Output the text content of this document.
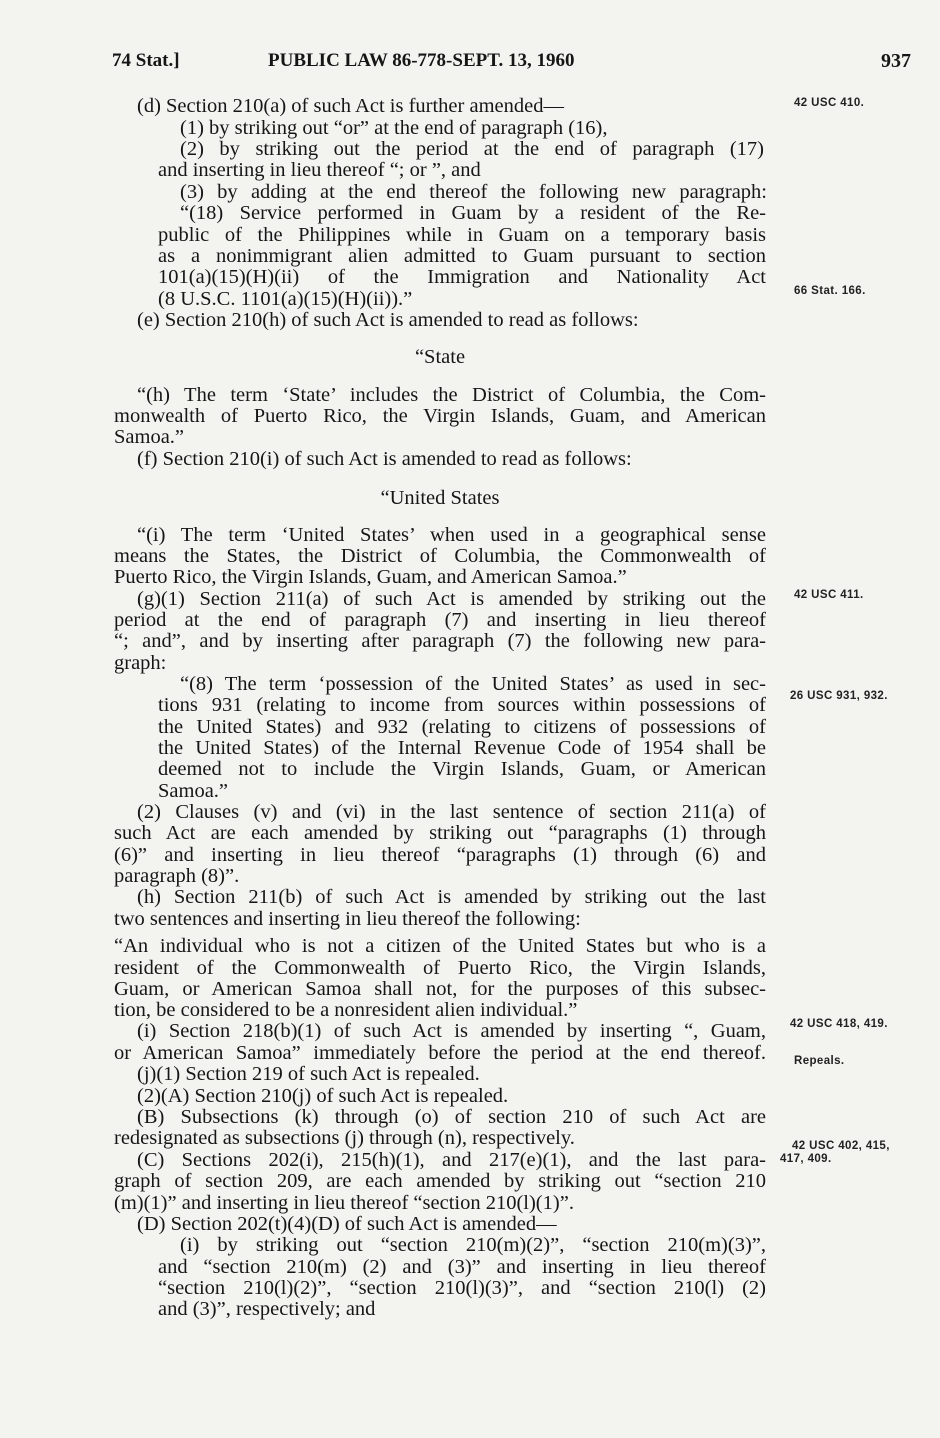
74 Stat.]	PUBLIC LAW 86-778-SEPT. 13, 1960	937
42 USC 410.
66 Stat. 166.
42 USC 411.
26 USC 931, 932.
42 USC 418, 419.
Repeals.
42 USC 402, 415,
417, 409.
(d) Section 210(a) of such Act is further amended—
(1) by striking out “or” at the end of paragraph (16),
(2) by striking out the period at the end of paragraph (17)
and inserting in lieu thereof “; or ”, and
(3) by adding at the end thereof the following new paragraph:
“(18) Service performed in Guam by a resident of the Re-
public of the Philippines while in Guam on a temporary basis
as a nonimmigrant alien admitted to Guam pursuant to section
101(a)(15)(H)(ii) of the Immigration and Nationality Act
(8 U.S.C. 1101(a)(15)(H)(ii)).”
(e) Section 210(h) of such Act is amended to read as follows:
“State
“(h) The term ‘State’ includes the District of Columbia, the Com-
monwealth of Puerto Rico, the Virgin Islands, Guam, and American
Samoa.”
(f) Section 210(i) of such Act is amended to read as follows:
“United States
“(i) The term ‘United States’ when used in a geographical sense
means the States, the District of Columbia, the Commonwealth of
Puerto Rico, the Virgin Islands, Guam, and American Samoa.”
(g)(1) Section 211(a) of such Act is amended by striking out the
period at the end of paragraph (7) and inserting in lieu thereof
“; and”, and by inserting after paragraph (7) the following new para-
graph:
“(8) The term ‘possession of the United States’ as used in sec-
tions 931 (relating to income from sources within possessions of
the United States) and 932 (relating to citizens of possessions of
the United States) of the Internal Revenue Code of 1954 shall be
deemed not to include the Virgin Islands, Guam, or American
Samoa.”
(2) Clauses (v) and (vi) in the last sentence of section 211(a) of
such Act are each amended by striking out “paragraphs (1) through
(6)” and inserting in lieu thereof “paragraphs (1) through (6) and
paragraph (8)”.
(h) Section 211(b) of such Act is amended by striking out the last
two sentences and inserting in lieu thereof the following:
“An individual who is not a citizen of the United States but who is a
resident of the Commonwealth of Puerto Rico, the Virgin Islands,
Guam, or American Samoa shall not, for the purposes of this subsec-
tion, be considered to be a nonresident alien individual.”
(i) Section 218(b)(1) of such Act is amended by inserting “, Guam,
or American Samoa” immediately before the period at the end thereof.
(j)(1) Section 219 of such Act is repealed.
(2)(A) Section 210(j) of such Act is repealed.
(B) Subsections (k) through (o) of section 210 of such Act are
redesignated as subsections (j) through (n), respectively.
(C) Sections 202(i), 215(h)(1), and 217(e)(1), and the last para-
graph of section 209, are each amended by striking out “section 210
(m)(1)” and inserting in lieu thereof “section 210(l)(1)”.
(D) Section 202(t)(4)(D) of such Act is amended—
(i) by striking out “section 210(m)(2)”, “section 210(m)(3)”,
and “section 210(m) (2) and (3)” and inserting in lieu thereof
“section 210(l)(2)”, “section 210(l)(3)”, and “section 210(l) (2)
and (3)”, respectively; and
